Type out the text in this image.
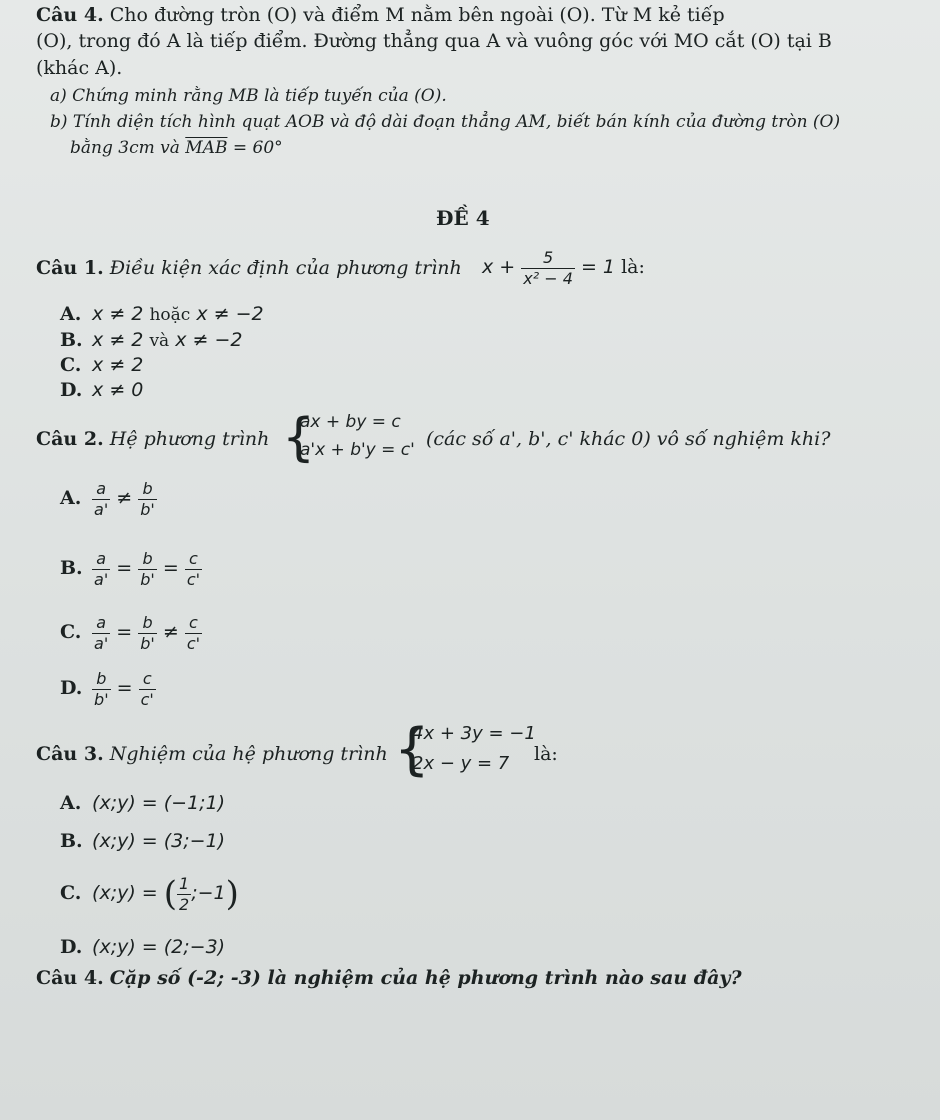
Câu 4. Cho đường tròn (O) và điểm M nằm bên ngoài (O). Từ M kẻ tiếp
(O), trong đó A là tiếp điểm. Đường thẳng qua A và vuông góc với MO cắt (O) tại B
(khác A).
a) Chứng minh rằng MB là tiếp tuyến của (O).
b) Tính diện tích hình quạt AOB và độ dài đoạn thẳng AM, biết bán kính của đường tròn (O)
bằng 3cm và $\overline{MAB} = 60^\circ$
ĐỀ 4
Câu 1. Điều kiện xác định của phương trình $x + \frac{5}{\text{x² − 4}} = 1$ là:
A. x ≠ 2 hoặc x ≠ −2
B. x ≠ 2 và x ≠ −2
C. x ≠ 2
D. x ≠ 0
Câu 2. Hệ phương trình {
ax + by = c
a'x + b'y = c' (các số a', b', c' khác 0) vô số nghiệm khi?
A. $\frac{a}{a'} \ne \frac{b}{b'}$
B. $\frac{a}{a'} = \frac{b}{b'} = \frac{c}{c'}$
C. $\frac{a}{a'} = \frac{b}{b'} \ne \frac{c}{c'}$
D. $\frac{b}{b'} = \frac{c}{c'}$
Câu 3. Nghiệm của hệ phương trình {
4x + 3y = −1
2x − y = 7 là:
A. (x;y) = (−1;1)
B. (x;y) = (3;−1)
C. (x;y) = ( $\frac{1}{2}$ ;−1)
D. (x;y) = (2;−3)
Câu 4. Cặp số (-2; -3) là nghiệm của hệ phương trình nào sau đây?
